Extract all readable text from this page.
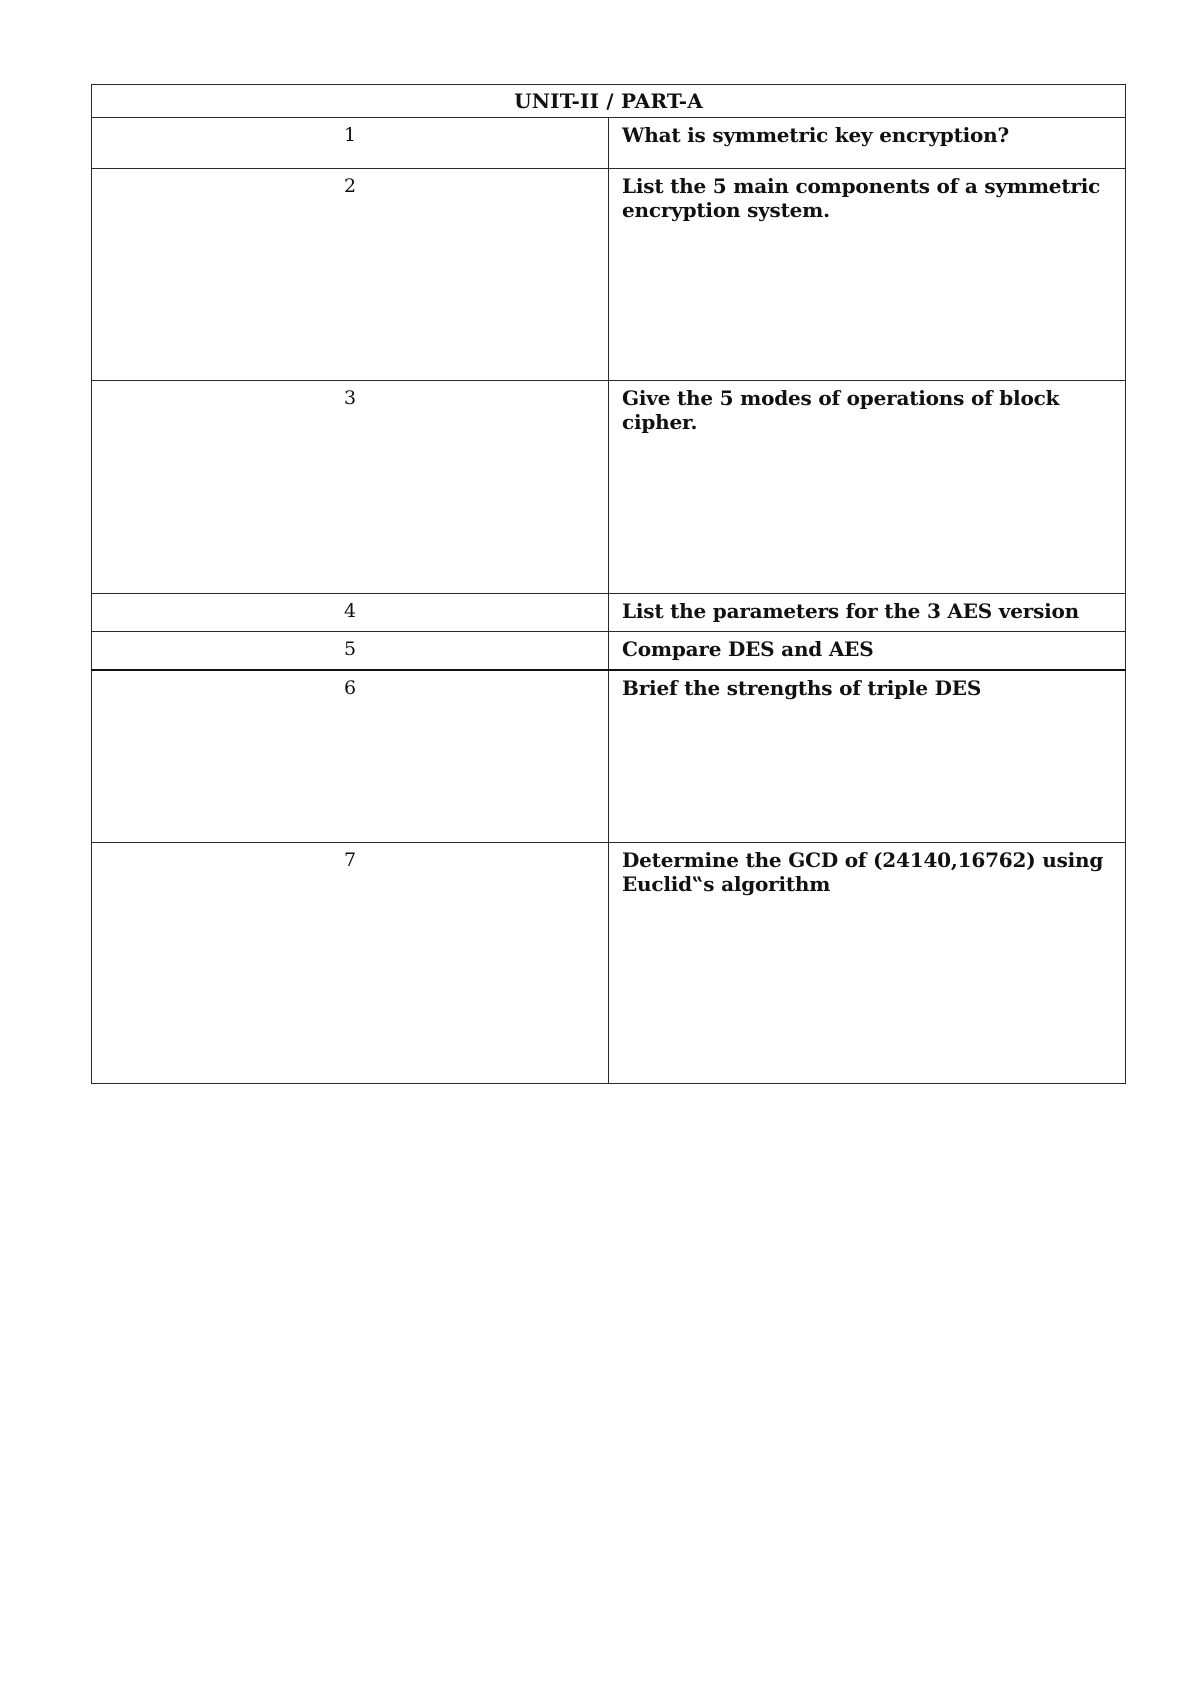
UNIT-II / PART-A	
1	What is symmetric key encryption?
2	List the 5 main components of a symmetric encryption system.
3	Give the 5 modes of operations of block cipher.
4	List the parameters for the 3 AES version
5	Compare DES and AES
6	Brief the strengths of triple DES
7	Determine the GCD of (24140,16762) using Euclid‟s algorithm
